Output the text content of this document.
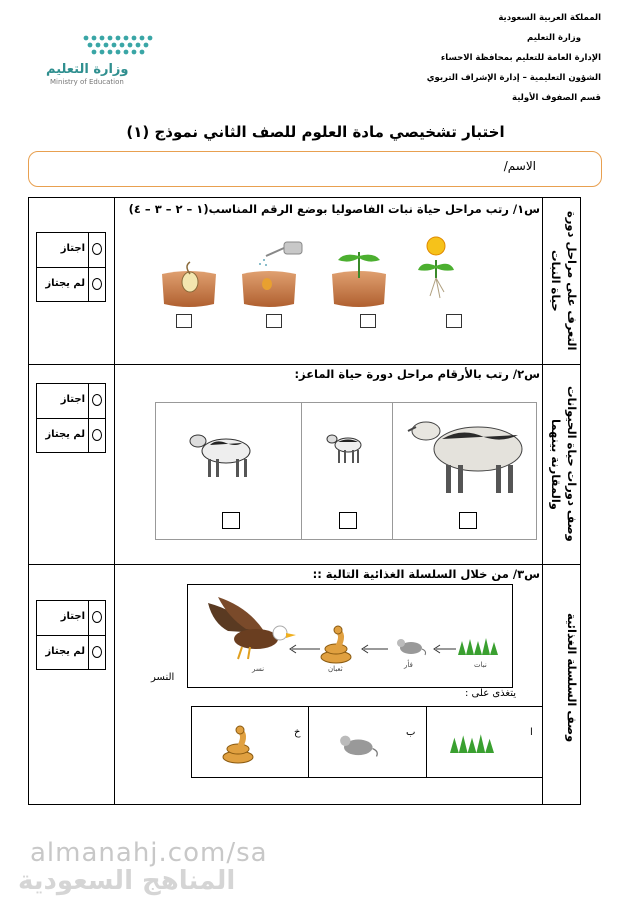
المملكة العربية السعودية
وزارة التعليم
الإدارة العامة للتعليم بمحافظة الاحساء
الشؤون التعليمية – إدارة الإشراف التربوي
قسم الصفوف الأولية
وزارة التعليم
Ministry of Education
اختبار تشخيصي مادة العلوم للصف الثاني نموذج (١)
الاسم/
التعرف على مراحل دورة حياة النبات
وصف دورات حياة الحيوانات والمقارنة بينهما
وصف السلسلة الغذائية
اجتاز
لم يجتاز
اجتاز
لم يجتاز
اجتاز
لم يجتاز
س١/ رتب مراحل حياة نبات الفاصوليا بوضع الرقم المناسب(١ – ٢ – ٣ – ٤)
س٢/ رتب بالأرقام مراحل دورة حياة الماعز:
س٣/ من خلال السلسلة الغذائية التالية ::
نبات
فأر
ثعبان
نسر
النسر
يتغذى على :
خ	ب	ا
almanahj.com/sa
المناهج السعودية
